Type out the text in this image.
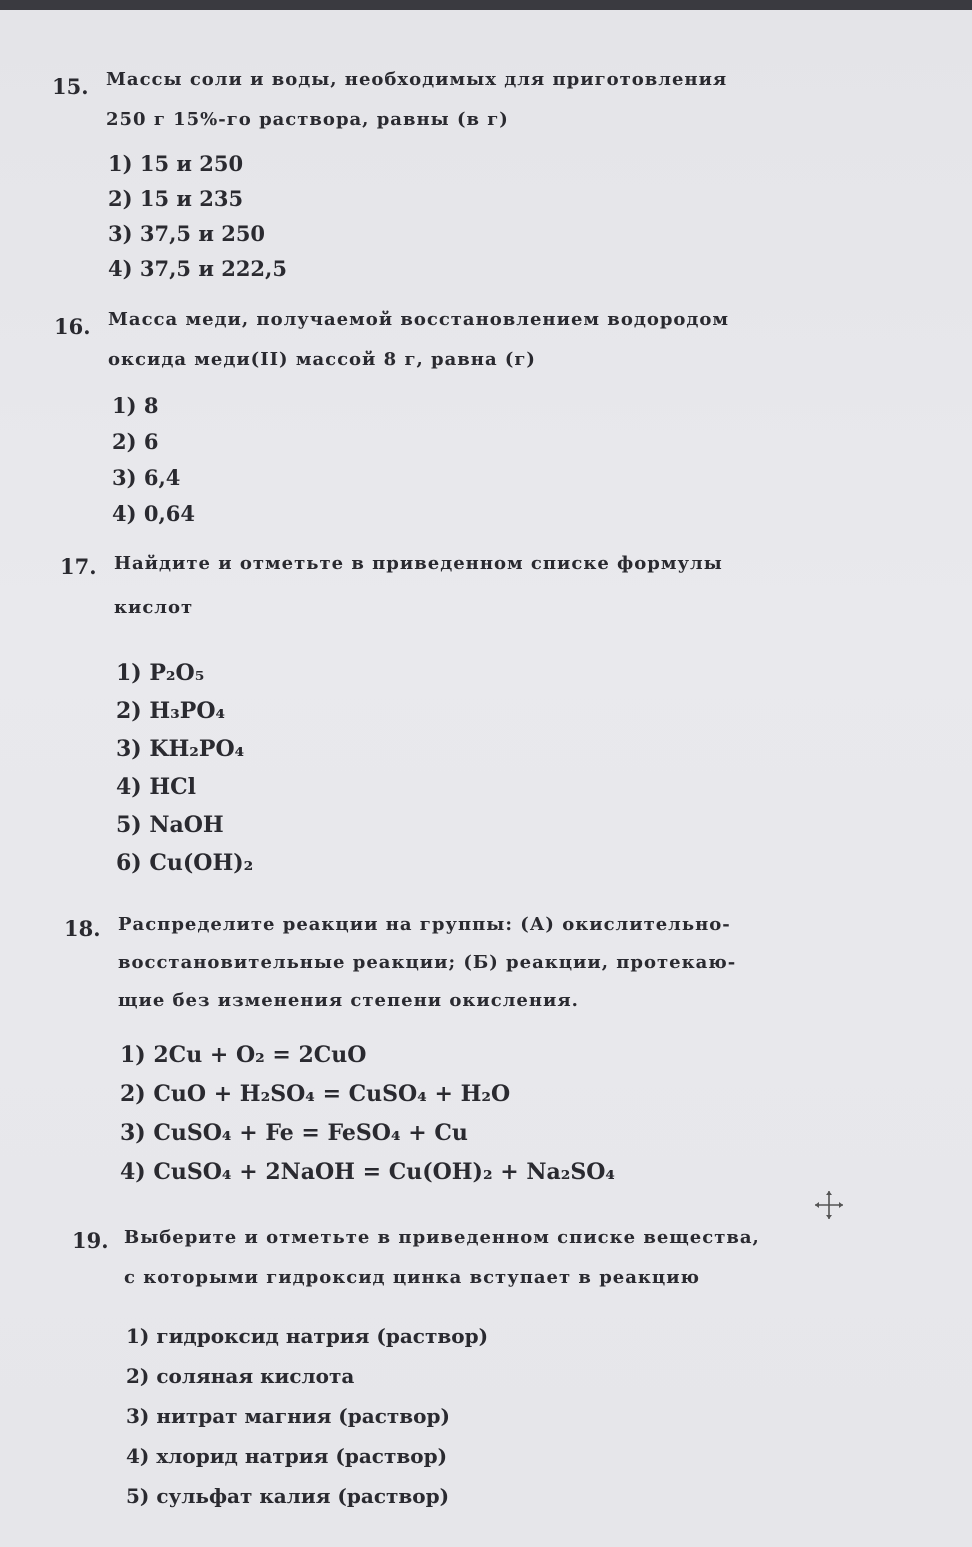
15. Массы соли и воды, необходимых для приготовления
250 г 15%-го раствора, равны (в г)
1) 15 и 250
2) 15 и 235
3) 37,5 и 250
4) 37,5 и 222,5
16. Масса меди, получаемой восстановлением водородом
оксида меди(II) массой 8 г, равна (г)
1) 8
2) 6
3) 6,4
4) 0,64
17. Найдите и отметьте в приведенном списке формулы
кислот
1) P₂O₅
2) H₃PO₄
3) KH₂PO₄
4) HCl
5) NaOH
6) Cu(OH)₂
18. Распределите реакции на группы: (А) окислительно-
восстановительные реакции; (Б) реакции, протекаю-
щие без изменения степени окисления.
1) 2Cu + O₂ = 2CuO
2) CuO + H₂SO₄ = CuSO₄ + H₂O
3) CuSO₄ + Fe = FeSO₄ + Cu
4) CuSO₄ + 2NaOH = Cu(OH)₂ + Na₂SO₄
19. Выберите и отметьте в приведенном списке вещества,
с которыми гидроксид цинка вступает в реакцию
1) гидроксид натрия (раствор)
2) соляная кислота
3) нитрат магния (раствор)
4) хлорид натрия (раствор)
5) сульфат калия (раствор)
